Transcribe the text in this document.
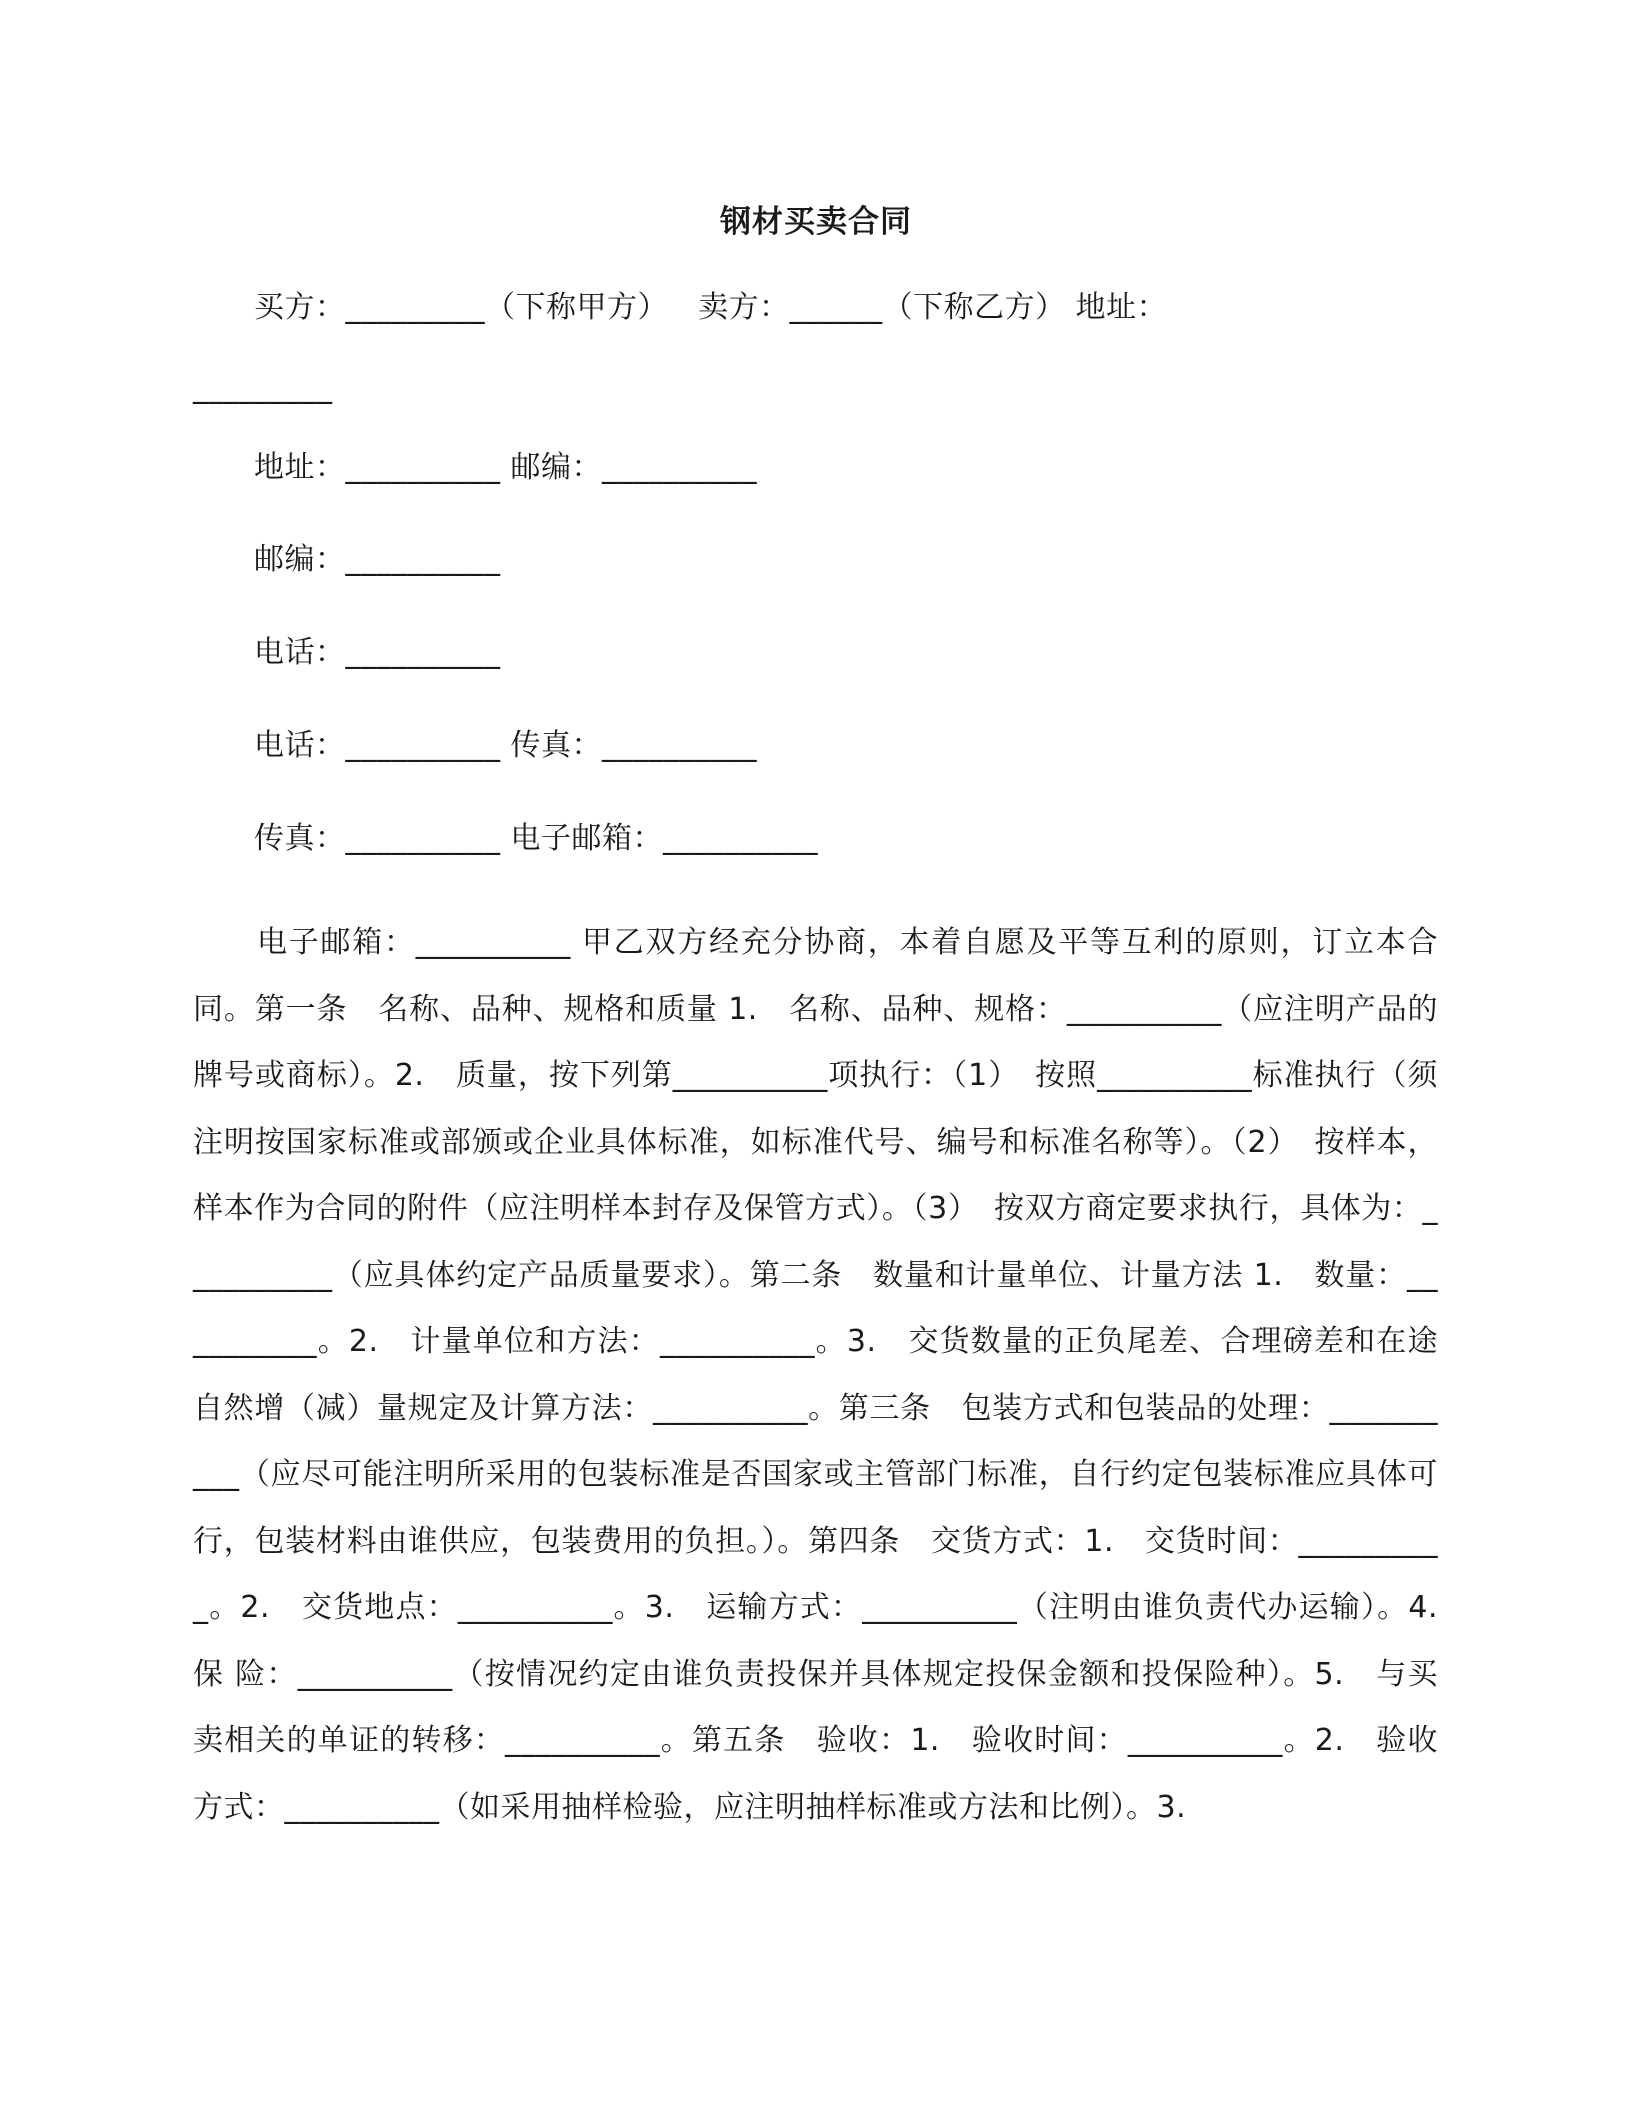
钢材买卖合同
买方：_________（下称甲方）   卖方：______（下称乙方） 地址：
_________
地址：__________ 邮编：__________
邮编：__________
电话：__________
电话：__________ 传真：__________
传真：__________ 电子邮箱：__________
电子邮箱：__________ 甲乙双方经充分协商，本着自愿及平等互利的原则，订立本合同。第一条　名称、品种、规格和质量 1.　名称、品种、规格：__________（应注明产品的牌号或商标）。2.　质量，按下列第__________项执行：（1）　按照__________标准执行（须注明按国家标准或部颁或企业具体标准，如标准代号、编号和标准名称等）。（2）　按样本，样本作为合同的附件（应注明样本封存及保管方式）。（3）　按双方商定要求执行，具体为：__________（应具体约定产品质量要求）。第二条　数量和计量单位、计量方法 1.　数量：__________。2.　计量单位和方法：__________。3.　交货数量的正负尾差、合理磅差和在途自然增（减）量规定及计算方法：__________。第三条　包装方式和包装品的处理：__________（应尽可能注明所采用的包装标准是否国家或主管部门标准，自行约定包装标准应具体可行，包装材料由谁供应，包装费用的负担。）。第四条　交货方式：1.　交货时间：__________。2.　交货地点：__________。3.　运输方式：__________（注明由谁负责代办运输）。4.　保 险：__________（按情况约定由谁负责投保并具体规定投保金额和投保险种）。5.　与买卖相关的单证的转移：__________。第五条　验收：1.　验收时间：__________。2.　验收方式：__________（如采用抽样检验，应注明抽样标准或方法和比例）。3.
